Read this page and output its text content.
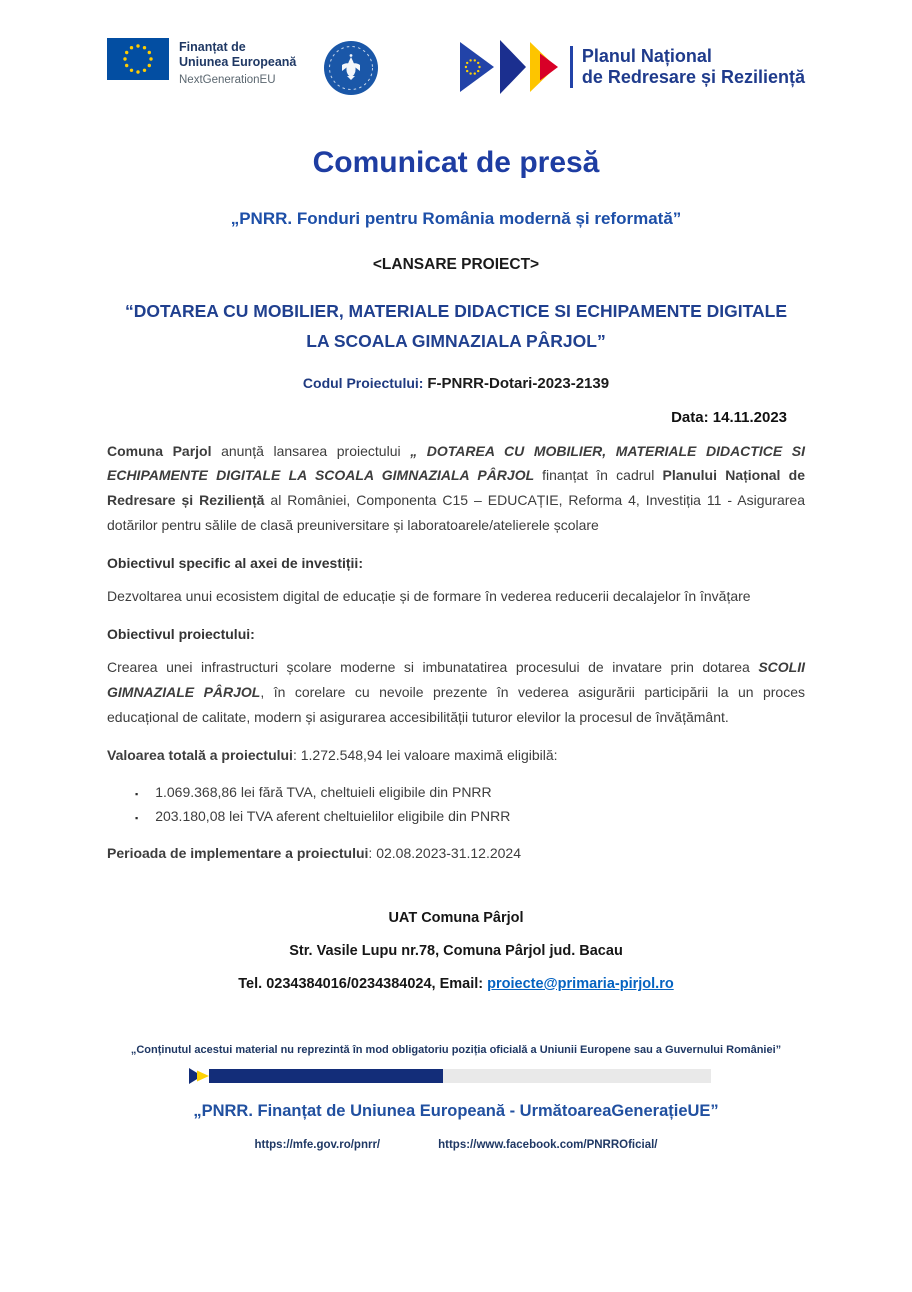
Finanțat de
Uniunea Europeană
NextGenerationEU
Planul Național
de Redresare și Reziliență
Comunicat de presă
„PNRR. Fonduri pentru România modernă și reformată”
<LANSARE PROIECT>
“DOTAREA CU MOBILIER, MATERIALE DIDACTICE SI ECHIPAMENTE DIGITALE
LA SCOALA GIMNAZIALA PÂRJOL”
Codul Proiectului: F-PNRR-Dotari-2023-2139
Data: 14.11.2023

Comuna Parjol anunță lansarea proiectului „ DOTAREA CU MOBILIER, MATERIALE DIDACTICE SI ECHIPAMENTE DIGITALE LA SCOALA GIMNAZIALA PÂRJOL finanțat în cadrul Planului Național de Redresare și Reziliență al României, Componenta C15 – EDUCAȚIE, Reforma 4, Investiția 11 - Asigurarea dotărilor pentru sălile de clasă preuniversitare și laboratoarele/atelierele școlare

Obiectivul specific al axei de investiții:

Dezvoltarea unui ecosistem digital de educație și de formare în vederea reducerii decalajelor în învățare

Obiectivul proiectului:

Crearea unei infrastructuri școlare moderne si imbunatatirea procesului de invatare prin dotarea SCOLII GIMNAZIALE PÂRJOL, în corelare cu nevoile prezente în vederea asigurării participării la un proces educațional de calitate, modern și asigurarea accesibilității tuturor elevilor la procesul de învățământ.

Valoarea totală a proiectului: 1.272.548,94 lei valoare maximă eligibilă:

▪ 1.069.368,86 lei fără TVA, cheltuieli eligibile din PNRR
▪ 203.180,08 lei TVA aferent cheltuielilor eligibile din PNRR

Perioada de implementare a proiectului: 02.08.2023-31.12.2024

UAT Comuna Pârjol
Str. Vasile Lupu nr.78, Comuna Pârjol jud. Bacau
Tel. 0234384016/0234384024, Email: proiecte@primaria-pirjol.ro
„Conținutul acestui material nu reprezintă în mod obligatoriu poziția oficială a Uniunii Europene sau a Guvernului României”
„PNRR. Finanțat de Uniunea Europeană - UrmătoareaGenerațieUE”
https://mfe.gov.ro/pnrr/	https://www.facebook.com/PNRROficial/
